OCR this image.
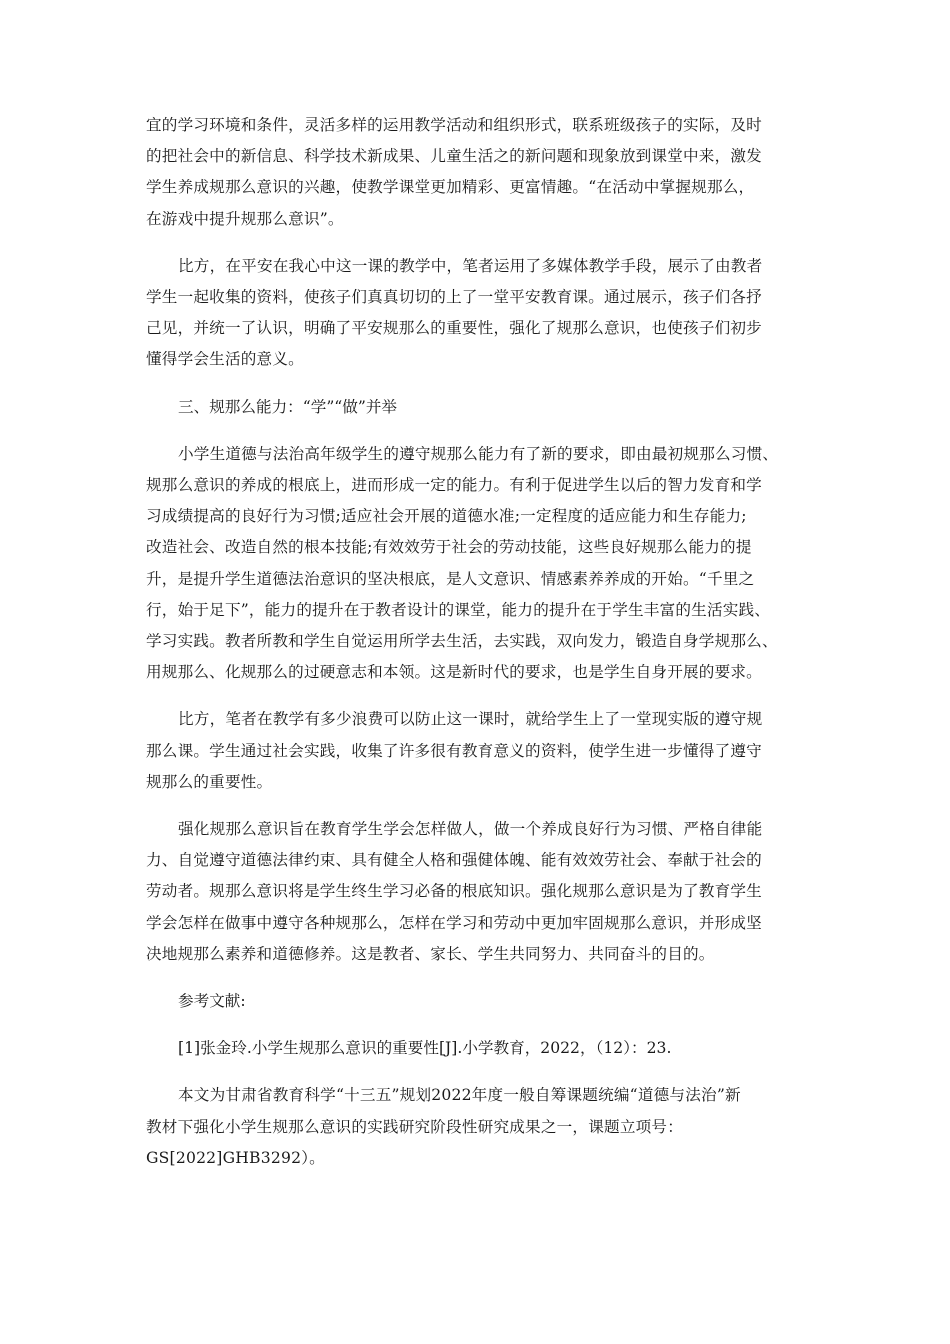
宜的学习环境和条件，灵活多样的运用教学活动和组织形式，联系班级孩子的实际，及时
的把社会中的新信息、科学技术新成果、儿童生活之的新问题和现象放到课堂中来，激发
学生养成规那么意识的兴趣，使教学课堂更加精彩、更富情趣。“在活动中掌握规那么，
在游戏中提升规那么意识”。

比方，在平安在我心中这一课的教学中，笔者运用了多媒体教学手段，展示了由教者
学生一起收集的资料，使孩子们真真切切的上了一堂平安教育课。通过展示，孩子们各抒
己见，并统一了认识，明确了平安规那么的重要性，强化了规那么意识，也使孩子们初步
懂得学会生活的意义。

三、规那么能力：“学”“做”并举

小学生道德与法治高年级学生的遵守规那么能力有了新的要求，即由最初规那么习惯、
规那么意识的养成的根底上，进而形成一定的能力。有利于促进学生以后的智力发育和学
习成绩提高的良好行为习惯;适应社会开展的道德水准;一定程度的适应能力和生存能力;
改造社会、改造自然的根本技能;有效效劳于社会的劳动技能，这些良好规那么能力的提
升，是提升学生道德法治意识的坚决根底，是人文意识、情感素养养成的开始。“千里之
行，始于足下”，能力的提升在于教者设计的课堂，能力的提升在于学生丰富的生活实践、
学习实践。教者所教和学生自觉运用所学去生活，去实践，双向发力，锻造自身学规那么、
用规那么、化规那么的过硬意志和本领。这是新时代的要求，也是学生自身开展的要求。

比方，笔者在教学有多少浪费可以防止这一课时，就给学生上了一堂现实版的遵守规
那么课。学生通过社会实践，收集了许多很有教育意义的资料，使学生进一步懂得了遵守
规那么的重要性。

强化规那么意识旨在教育学生学会怎样做人，做一个养成良好行为习惯、严格自律能
力、自觉遵守道德法律约束、具有健全人格和强健体魄、能有效效劳社会、奉献于社会的
劳动者。规那么意识将是学生终生学习必备的根底知识。强化规那么意识是为了教育学生
学会怎样在做事中遵守各种规那么，怎样在学习和劳动中更加牢固规那么意识，并形成坚
决地规那么素养和道德修养。这是教者、家长、学生共同努力、共同奋斗的目的。

参考文献:

[1]张金玲.小学生规那么意识的重要性[J].小学教育，2022，（12）：23.

本文为甘肃省教育科学“十三五”规划2022年度一般自筹课题统编“道德与法治”新
教材下强化小学生规那么意识的实践研究阶段性研究成果之一，课题立项号：
GS[2022]GHB3292）。
